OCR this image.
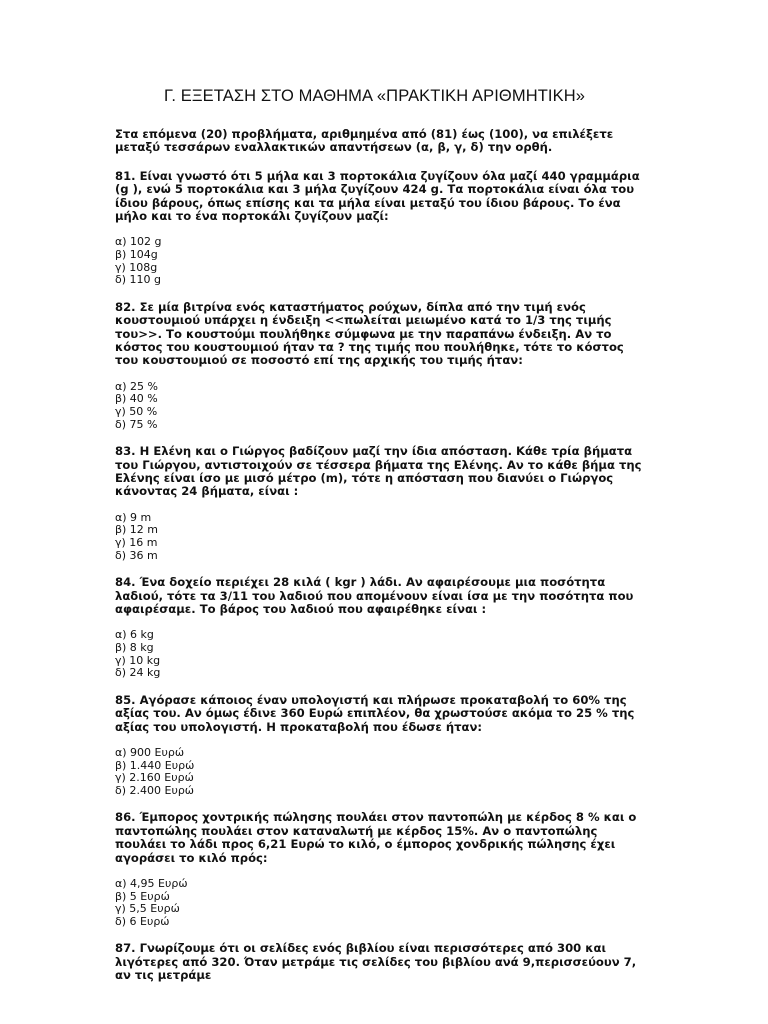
Γ. ΕΞΕΤΑΣΗ ΣΤΟ ΜΑΘΗΜΑ «ΠΡΑΚΤΙΚΗ ΑΡΙΘΜΗΤΙΚΗ»

Στα επόμενα (20) προβλήματα, αριθμημένα από (81) έως (100), να επιλέξετε μεταξύ τεσσάρων εναλλακτικών απαντήσεων (α, β, γ, δ) την ορθή.

81. Είναι γνωστό ότι 5 μήλα και 3 πορτοκάλια ζυγίζουν όλα μαζί 440 γραμμάρια (g ), ενώ 5 πορτοκάλια και 3 μήλα ζυγίζουν 424 g. Τα πορτοκάλια είναι όλα του ίδιου βάρους, όπως επίσης και τα μήλα είναι μεταξύ του ίδιου βάρους. Το ένα μήλο και το ένα πορτοκάλι ζυγίζουν μαζί:

α) 102 g
β) 104g
γ) 108g
δ) 110 g

82. Σε μία βιτρίνα ενός καταστήματος ρούχων, δίπλα από την τιμή ενός κουστουμιού υπάρχει η ένδειξη <<πωλείται μειωμένο κατά το 1/3 της τιμής του>>. Το κουστούμι πουλήθηκε σύμφωνα με την παραπάνω ένδειξη. Αν το κόστος του κουστουμιού ήταν τα ? της τιμής που πουλήθηκε, τότε το κόστος του κουστουμιού σε ποσοστό επί της αρχικής του τιμής ήταν:

α) 25 %
β) 40 %
γ) 50 %
δ) 75 %

83. Η Ελένη και ο Γιώργος βαδίζουν μαζί την ίδια απόσταση. Κάθε τρία βήματα του Γιώργου, αντιστοιχούν σε τέσσερα βήματα της Ελένης. Αν το κάθε βήμα της Ελένης είναι ίσο με μισό μέτρο (m), τότε η απόσταση που διανύει ο Γιώργος κάνοντας 24 βήματα, είναι :

α) 9 m
β) 12 m
γ) 16 m
δ) 36 m

84. Ένα δοχείο περιέχει 28 κιλά ( kgr ) λάδι. Αν αφαιρέσουμε μια ποσότητα λαδιού, τότε τα 3/11 του λαδιού που απομένουν είναι ίσα με την ποσότητα που αφαιρέσαμε. Το βάρος του λαδιού που αφαιρέθηκε είναι :

α) 6 kg
β) 8 kg
γ) 10 kg
δ) 24 kg

85. Αγόρασε κάποιος έναν υπολογιστή και πλήρωσε προκαταβολή το 60% της αξίας του. Αν όμως έδινε 360 Ευρώ επιπλέον, θα χρωστούσε ακόμα το 25 % της αξίας του υπολογιστή. Η προκαταβολή που έδωσε ήταν:

α) 900 Ευρώ
β) 1.440 Ευρώ
γ) 2.160 Ευρώ
δ) 2.400 Ευρώ

86. Έμπορος χοντρικής πώλησης πουλάει στον παντοπώλη με κέρδος 8 % και ο παντοπώλης πουλάει στον καταναλωτή με κέρδος 15%. Αν ο παντοπώλης πουλάει το λάδι προς 6,21 Ευρώ το κιλό, ο έμπορος χονδρικής πώλησης έχει αγοράσει το κιλό πρός:

α) 4,95 Ευρώ
β) 5 Ευρώ
γ) 5,5 Ευρώ
δ) 6 Ευρώ

87. Γνωρίζουμε ότι οι σελίδες ενός βιβλίου είναι περισσότερες από 300 και λιγότερες από 320. Όταν μετράμε τις σελίδες του βιβλίου ανά 9,περισσεύουν 7, αν τις μετράμε
